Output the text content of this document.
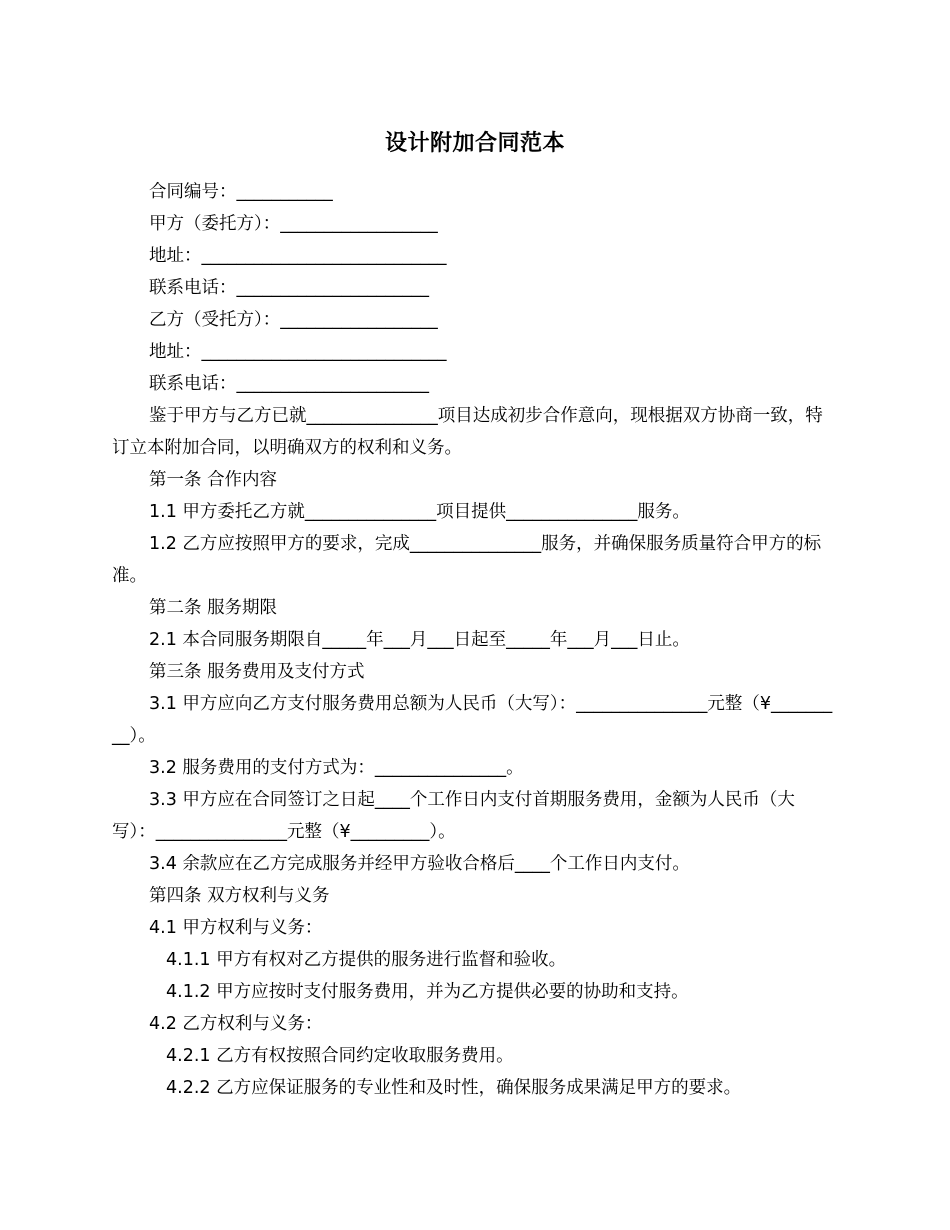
设计附加合同范本
合同编号：___________
甲方（委托方）：__________________
地址：____________________________
联系电话：______________________
乙方（受托方）：__________________
地址：____________________________
联系电话：______________________
鉴于甲方与乙方已就_______________项目达成初步合作意向，现根据双方协商一致，特订立本附加合同，以明确双方的权利和义务。
第一条 合作内容
1.1 甲方委托乙方就_______________项目提供_______________服务。
1.2 乙方应按照甲方的要求，完成_______________服务，并确保服务质量符合甲方的标准。
第二条 服务期限
2.1 本合同服务期限自_____年___月___日起至_____年___月___日止。
第三条 服务费用及支付方式
3.1 甲方应向乙方支付服务费用总额为人民币（大写）：_______________元整（¥_________）。
3.2 服务费用的支付方式为：_______________。
3.3 甲方应在合同签订之日起____个工作日内支付首期服务费用，金额为人民币（大写）：_______________元整（¥_________）。
3.4 余款应在乙方完成服务并经甲方验收合格后____个工作日内支付。
第四条 双方权利与义务
4.1 甲方权利与义务：
4.1.1 甲方有权对乙方提供的服务进行监督和验收。
4.1.2 甲方应按时支付服务费用，并为乙方提供必要的协助和支持。
4.2 乙方权利与义务：
4.2.1 乙方有权按照合同约定收取服务费用。
4.2.2 乙方应保证服务的专业性和及时性，确保服务成果满足甲方的要求。
